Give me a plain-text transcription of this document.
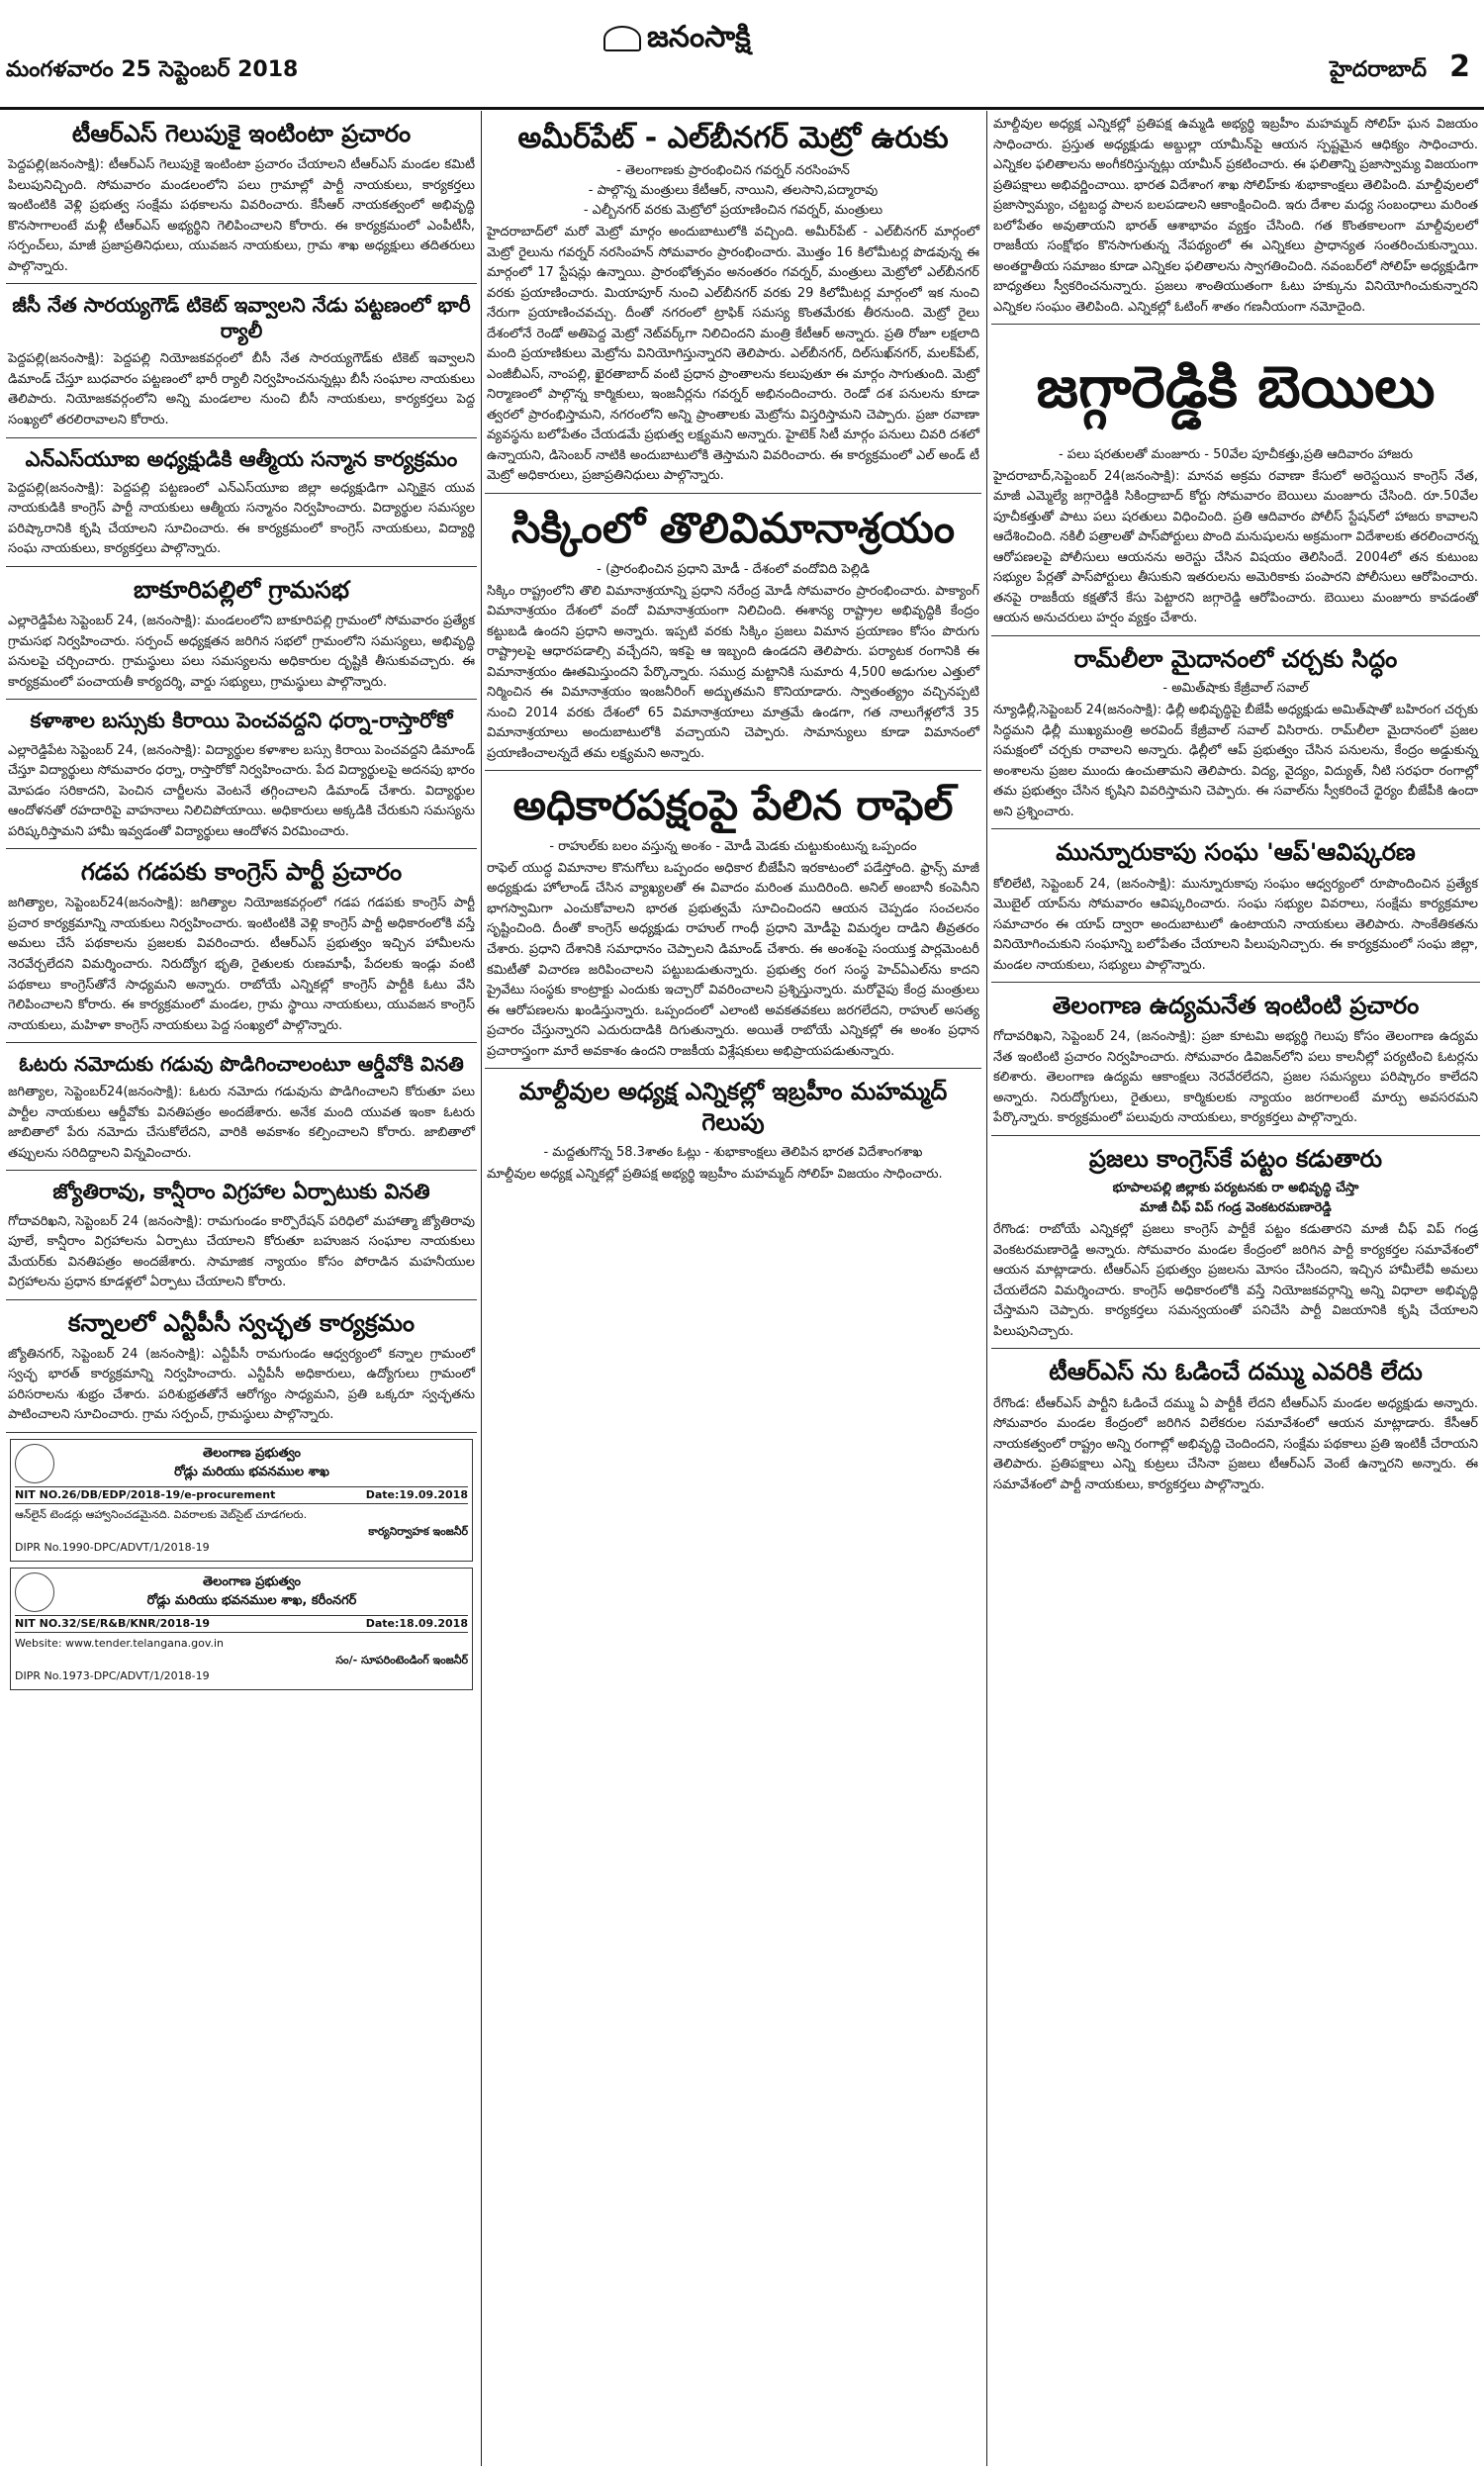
మంగళవారం 25 సెప్టెంబర్ 2018
జనంసాక్షి
హైదరాబాద్ 2
టీఆర్‌ఎస్ గెలుపుకై ఇంటింటా ప్రచారం

పెద్దపల్లి(జనంసాక్షి): టీఆర్‌ఎస్ గెలుపుకై ఇంటింటా ప్రచారం చేయాలని టీఆర్‌ఎస్ మండల కమిటీ పిలుపునిచ్చింది. సోమవారం మండలంలోని పలు గ్రామాల్లో పార్టీ నాయకులు, కార్యకర్తలు ఇంటింటికి వెళ్లి ప్రభుత్వ సంక్షేమ పథకాలను వివరించారు. కేసీఆర్ నాయకత్వంలో అభివృద్ధి కొనసాగాలంటే మళ్లీ టీఆర్‌ఎస్ అభ్యర్థిని గెలిపించాలని కోరారు. ఈ కార్యక్రమంలో ఎంపీటీసీ, సర్పంచ్‌లు, మాజీ ప్రజాప్రతినిధులు, యువజన నాయకులు, గ్రామ శాఖ అధ్యక్షులు తదితరులు పాల్గొన్నారు.

జీసీ నేత సారయ్యగౌడ్ టికెట్ ఇవ్వాలని నేడు పట్టణంలో భారీ ర్యాలీ

పెద్దపల్లి(జనంసాక్షి): పెద్దపల్లి నియోజకవర్గంలో బీసీ నేత సారయ్యగౌడ్‌కు టికెట్ ఇవ్వాలని డిమాండ్ చేస్తూ బుధవారం పట్టణంలో భారీ ర్యాలీ నిర్వహించనున్నట్లు బీసీ సంఘాల నాయకులు తెలిపారు. నియోజకవర్గంలోని అన్ని మండలాల నుంచి బీసీ నాయకులు, కార్యకర్తలు పెద్ద సంఖ్యలో తరలిరావాలని కోరారు.

ఎన్‌ఎస్‌యూఐ అధ్యక్షుడికి ఆత్మీయ సన్మాన కార్యక్రమం

పెద్దపల్లి(జనంసాక్షి): పెద్దపల్లి పట్టణంలో ఎన్‌ఎస్‌యూఐ జిల్లా అధ్యక్షుడిగా ఎన్నికైన యువ నాయకుడికి కాంగ్రెస్ పార్టీ నాయకులు ఆత్మీయ సన్మానం నిర్వహించారు. విద్యార్థుల సమస్యల పరిష్కారానికి కృషి చేయాలని సూచించారు. ఈ కార్యక్రమంలో కాంగ్రెస్ నాయకులు, విద్యార్థి సంఘ నాయకులు, కార్యకర్తలు పాల్గొన్నారు.

బాకూరిపల్లిలో గ్రామసభ

ఎల్లారెడ్డిపేట సెప్టెంబర్ 24, (జనంసాక్షి): మండలంలోని బాకూరిపల్లి గ్రామంలో సోమవారం ప్రత్యేక గ్రామసభ నిర్వహించారు. సర్పంచ్ అధ్యక్షతన జరిగిన సభలో గ్రామంలోని సమస్యలు, అభివృద్ధి పనులపై చర్చించారు. గ్రామస్థులు పలు సమస్యలను అధికారుల దృష్టికి తీసుకువచ్చారు. ఈ కార్యక్రమంలో పంచాయతీ కార్యదర్శి, వార్డు సభ్యులు, గ్రామస్థులు పాల్గొన్నారు.

కళాశాల బస్సుకు కిరాయి పెంచవద్దని ధర్నా-రాస్తారోకో

ఎల్లారెడ్డిపేట సెప్టెంబర్ 24, (జనంసాక్షి): విద్యార్థుల కళాశాల బస్సు కిరాయి పెంచవద్దని డిమాండ్ చేస్తూ విద్యార్థులు సోమవారం ధర్నా, రాస్తారోకో నిర్వహించారు. పేద విద్యార్థులపై అదనపు భారం మోపడం సరికాదని, పెంచిన చార్జీలను వెంటనే తగ్గించాలని డిమాండ్ చేశారు. విద్యార్థుల ఆందోళనతో రహదారిపై వాహనాలు నిలిచిపోయాయి. అధికారులు అక్కడికి చేరుకుని సమస్యను పరిష్కరిస్తామని హామీ ఇవ్వడంతో విద్యార్థులు ఆందోళన విరమించారు.

గడప గడపకు కాంగ్రెస్ పార్టీ ప్రచారం

జగిత్యాల, సెప్టెంబర్24(జనంసాక్షి): జగిత్యాల నియోజకవర్గంలో గడప గడపకు కాంగ్రెస్ పార్టీ ప్రచార కార్యక్రమాన్ని నాయకులు నిర్వహించారు. ఇంటింటికి వెళ్లి కాంగ్రెస్ పార్టీ అధికారంలోకి వస్తే అమలు చేసే పథకాలను ప్రజలకు వివరించారు. టీఆర్‌ఎస్ ప్రభుత్వం ఇచ్చిన హామీలను నెరవేర్చలేదని విమర్శించారు. నిరుద్యోగ భృతి, రైతులకు రుణమాఫీ, పేదలకు ఇండ్లు వంటి పథకాలు కాంగ్రెస్‌తోనే సాధ్యమని అన్నారు. రాబోయే ఎన్నికల్లో కాంగ్రెస్ పార్టీకి ఓటు వేసి గెలిపించాలని కోరారు. ఈ కార్యక్రమంలో మండల, గ్రామ స్థాయి నాయకులు, యువజన కాంగ్రెస్ నాయకులు, మహిళా కాంగ్రెస్ నాయకులు పెద్ద సంఖ్యలో పాల్గొన్నారు.

ఓటరు నమోదుకు గడువు పొడిగించాలంటూ ఆర్డీవోకి వినతి

జగిత్యాల, సెప్టెంబర్24(జనంసాక్షి): ఓటరు నమోదు గడువును పొడిగించాలని కోరుతూ పలు పార్టీల నాయకులు ఆర్డీవోకు వినతిపత్రం అందజేశారు. అనేక మంది యువత ఇంకా ఓటరు జాబితాలో పేరు నమోదు చేసుకోలేదని, వారికి అవకాశం కల్పించాలని కోరారు. జాబితాలో తప్పులను సరిదిద్దాలని విన్నవించారు.

జ్యోతిరావు, కాన్షీరాం విగ్రహాల ఏర్పాటుకు వినతి

గోదావరిఖని, సెప్టెంబర్ 24 (జనంసాక్షి): రామగుండం కార్పొరేషన్ పరిధిలో మహాత్మా జ్యోతిరావు పూలే, కాన్షీరాం విగ్రహాలను ఏర్పాటు చేయాలని కోరుతూ బహుజన సంఘాల నాయకులు మేయర్‌కు వినతిపత్రం అందజేశారు. సామాజిక న్యాయం కోసం పోరాడిన మహనీయుల విగ్రహాలను ప్రధాన కూడళ్లలో ఏర్పాటు చేయాలని కోరారు.

కన్నాలలో ఎన్టీపీసీ స్వచ్ఛత కార్యక్రమం

జ్యోతినగర్, సెప్టెంబర్ 24 (జనంసాక్షి): ఎన్టీపీసీ రామగుండం ఆధ్వర్యంలో కన్నాల గ్రామంలో స్వచ్ఛ భారత్ కార్యక్రమాన్ని నిర్వహించారు. ఎన్టీపీసీ అధికారులు, ఉద్యోగులు గ్రామంలో పరిసరాలను శుభ్రం చేశారు. పరిశుభ్రతతోనే ఆరోగ్యం సాధ్యమని, ప్రతి ఒక్కరూ స్వచ్ఛతను పాటించాలని సూచించారు. గ్రామ సర్పంచ్, గ్రామస్థులు పాల్గొన్నారు.

తెలంగాణ ప్రభుత్వం
రోడ్లు మరియు భవనముల శాఖ
NIT NO.26/DB/EDP/2018-19/e-procurement	Date:19.09.2018
ఆన్‌లైన్ టెండర్లు ఆహ్వానించడమైనది. వివరాలకు వెబ్‌సైట్ చూడగలరు.
కార్యనిర్వాహక ఇంజనీర్
DIPR No.1990-DPC/ADVT/1/2018-19

తెలంగాణ ప్రభుత్వం
రోడ్లు మరియు భవనముల శాఖ, కరీంనగర్
NIT NO.32/SE/R&B/KNR/2018-19	Date:18.09.2018
Website: www.tender.telangana.gov.in
సం/- సూపరింటెండింగ్ ఇంజనీర్
DIPR No.1973-DPC/ADVT/1/2018-19
అమీర్‌పేట్ - ఎల్‌బీనగర్ మెట్రో ఉరుకు
- తెలంగాణకు ప్రారంభించిన గవర్నర్ నరసింహన్
- పాల్గొన్న మంత్రులు కేటీఆర్, నాయిని, తలసాని,పద్మారావు
- ఎల్బీనగర్ వరకు మెట్రోలో ప్రయాణించిన గవర్నర్, మంత్రులు

హైదరాబాద్‌లో మరో మెట్రో మార్గం అందుబాటులోకి వచ్చింది. అమీర్‌పేట్ - ఎల్‌బీనగర్ మార్గంలో మెట్రో రైలును గవర్నర్ నరసింహన్ సోమవారం ప్రారంభించారు. మొత్తం 16 కిలోమీటర్ల పొడవున్న ఈ మార్గంలో 17 స్టేషన్లు ఉన్నాయి. ప్రారంభోత్సవం అనంతరం గవర్నర్, మంత్రులు మెట్రోలో ఎల్‌బీనగర్ వరకు ప్రయాణించారు. మియాపూర్ నుంచి ఎల్‌బీనగర్ వరకు 29 కిలోమీటర్ల మార్గంలో ఇక నుంచి నేరుగా ప్రయాణించవచ్చు. దీంతో నగరంలో ట్రాఫిక్ సమస్య కొంతమేరకు తీరనుంది. మెట్రో రైలు దేశంలోనే రెండో అతిపెద్ద మెట్రో నెట్‌వర్క్‌గా నిలిచిందని మంత్రి కేటీఆర్ అన్నారు. ప్రతి రోజూ లక్షలాది మంది ప్రయాణికులు మెట్రోను వినియోగిస్తున్నారని తెలిపారు. ఎల్‌బీనగర్, దిల్‌సుఖ్‌నగర్, మలక్‌పేట్, ఎంజీబీఎస్, నాంపల్లి, ఖైరతాబాద్ వంటి ప్రధాన ప్రాంతాలను కలుపుతూ ఈ మార్గం సాగుతుంది. మెట్రో నిర్మాణంలో పాల్గొన్న కార్మికులు, ఇంజనీర్లను గవర్నర్ అభినందించారు. రెండో దశ పనులను కూడా త్వరలో ప్రారంభిస్తామని, నగరంలోని అన్ని ప్రాంతాలకు మెట్రోను విస్తరిస్తామని చెప్పారు. ప్రజా రవాణా వ్యవస్థను బలోపేతం చేయడమే ప్రభుత్వ లక్ష్యమని అన్నారు. హైటెక్ సిటీ మార్గం పనులు చివరి దశలో ఉన్నాయని, డిసెంబర్ నాటికి అందుబాటులోకి తెస్తామని వివరించారు. ఈ కార్యక్రమంలో ఎల్ అండ్ టీ మెట్రో అధికారులు, ప్రజాప్రతినిధులు పాల్గొన్నారు.

సిక్కింలో తొలివిమానాశ్రయం
- (ప్రారంభించిన ప్రధాని మోడీ - దేశంలో వందోవిది పెల్లిడి

సిక్కిం రాష్ట్రంలోని తొలి విమానాశ్రయాన్ని ప్రధాని నరేంద్ర మోడీ సోమవారం ప్రారంభించారు. పాక్యాంగ్ విమానాశ్రయం దేశంలో వందో విమానాశ్రయంగా నిలిచింది. ఈశాన్య రాష్ట్రాల అభివృద్ధికి కేంద్రం కట్టుబడి ఉందని ప్రధాని అన్నారు. ఇప్పటి వరకు సిక్కిం ప్రజలు విమాన ప్రయాణం కోసం పొరుగు రాష్ట్రాలపై ఆధారపడాల్సి వచ్చేదని, ఇకపై ఆ ఇబ్బంది ఉండదని తెలిపారు. పర్యాటక రంగానికి ఈ విమానాశ్రయం ఊతమిస్తుందని పేర్కొన్నారు. సముద్ర మట్టానికి సుమారు 4,500 అడుగుల ఎత్తులో నిర్మించిన ఈ విమానాశ్రయం ఇంజనీరింగ్ అద్భుతమని కొనియాడారు. స్వాతంత్య్రం వచ్చినప్పటి నుంచి 2014 వరకు దేశంలో 65 విమానాశ్రయాలు మాత్రమే ఉండగా, గత నాలుగేళ్లలోనే 35 విమానాశ్రయాలు అందుబాటులోకి వచ్చాయని చెప్పారు. సామాన్యులు కూడా విమానంలో ప్రయాణించాలన్నదే తమ లక్ష్యమని అన్నారు.

అధికారపక్షంపై పేలిన రాఫెల్
- రాహుల్‌కు బలం వస్తున్న అంశం - మోడీ మెడకు చుట్టుకుంటున్న ఒప్పందం

రాఫెల్ యుద్ధ విమానాల కొనుగోలు ఒప్పందం అధికార బీజేపీని ఇరకాటంలో పడేస్తోంది. ఫ్రాన్స్ మాజీ అధ్యక్షుడు హోలాండ్ చేసిన వ్యాఖ్యలతో ఈ వివాదం మరింత ముదిరింది. అనిల్ అంబానీ కంపెనీని భాగస్వామిగా ఎంచుకోవాలని భారత ప్రభుత్వమే సూచించిందని ఆయన చెప్పడం సంచలనం సృష్టించింది. దీంతో కాంగ్రెస్ అధ్యక్షుడు రాహుల్ గాంధీ ప్రధాని మోడీపై విమర్శల దాడిని తీవ్రతరం చేశారు. ప్రధాని దేశానికి సమాధానం చెప్పాలని డిమాండ్ చేశారు. ఈ అంశంపై సంయుక్త పార్లమెంటరీ కమిటీతో విచారణ జరిపించాలని పట్టుబడుతున్నారు. ప్రభుత్వ రంగ సంస్థ హెచ్‌ఏఎల్‌ను కాదని ప్రైవేటు సంస్థకు కాంట్రాక్టు ఎందుకు ఇచ్చారో వివరించాలని ప్రశ్నిస్తున్నారు. మరోవైపు కేంద్ర మంత్రులు ఈ ఆరోపణలను ఖండిస్తున్నారు. ఒప్పందంలో ఎలాంటి అవకతవకలు జరగలేదని, రాహుల్ అసత్య ప్రచారం చేస్తున్నారని ఎదురుదాడికి దిగుతున్నారు. అయితే రాబోయే ఎన్నికల్లో ఈ అంశం ప్రధాన ప్రచారాస్త్రంగా మారే అవకాశం ఉందని రాజకీయ విశ్లేషకులు అభిప్రాయపడుతున్నారు.

మాల్దీవుల అధ్యక్ష ఎన్నికల్లో ఇబ్రహీం మహమ్మద్ గెలుపు
- మద్దతుగొన్న 58.3శాతం ఓట్లు - శుభాకాంక్షలు తెలిపిన భారత విదేశాంగశాఖ

మాల్దీవుల అధ్యక్ష ఎన్నికల్లో ప్రతిపక్ష అభ్యర్థి ఇబ్రహీం మహమ్మద్ సోలిహ్ విజయం సాధించారు.

మాల్దీవుల అధ్యక్ష ఎన్నికల్లో ప్రతిపక్ష ఉమ్మడి అభ్యర్థి ఇబ్రహీం మహమ్మద్ సోలిహ్ ఘన విజయం సాధించారు. ప్రస్తుత అధ్యక్షుడు అబ్దుల్లా యామీన్‌పై ఆయన స్పష్టమైన ఆధిక్యం సాధించారు. ఎన్నికల ఫలితాలను అంగీకరిస్తున్నట్లు యామీన్ ప్రకటించారు. ఈ ఫలితాన్ని ప్రజాస్వామ్య విజయంగా ప్రతిపక్షాలు అభివర్ణించాయి. భారత విదేశాంగ శాఖ సోలిహ్‌కు శుభాకాంక్షలు తెలిపింది. మాల్దీవులలో ప్రజాస్వామ్యం, చట్టబద్ధ పాలన బలపడాలని ఆకాంక్షించింది. ఇరు దేశాల మధ్య సంబంధాలు మరింత బలోపేతం అవుతాయని భారత్ ఆశాభావం వ్యక్తం చేసింది. గత కొంతకాలంగా మాల్దీవులలో రాజకీయ సంక్షోభం కొనసాగుతున్న నేపథ్యంలో ఈ ఎన్నికలు ప్రాధాన్యత సంతరించుకున్నాయి. అంతర్జాతీయ సమాజం కూడా ఎన్నికల ఫలితాలను స్వాగతించింది. నవంబర్‌లో సోలిహ్ అధ్యక్షుడిగా బాధ్యతలు స్వీకరించనున్నారు. ప్రజలు శాంతియుతంగా ఓటు హక్కును వినియోగించుకున్నారని ఎన్నికల సంఘం తెలిపింది. ఎన్నికల్లో ఓటింగ్ శాతం గణనీయంగా నమోదైంది.

జగ్గారెడ్డికి బెయిలు
- పలు షరతులతో మంజూరు - 50వేల పూచీకత్తు,ప్రతి ఆదివారం హాజరు

హైదరాబాద్,సెప్టెంబర్ 24(జనంసాక్షి): మానవ అక్రమ రవాణా కేసులో అరెస్టయిన కాంగ్రెస్ నేత, మాజీ ఎమ్మెల్యే జగ్గారెడ్డికి సికింద్రాబాద్ కోర్టు సోమవారం బెయిలు మంజూరు చేసింది. రూ.50వేల పూచీకత్తుతో పాటు పలు షరతులు విధించింది. ప్రతి ఆదివారం పోలీస్ స్టేషన్‌లో హాజరు కావాలని ఆదేశించింది. నకిలీ పత్రాలతో పాస్‌పోర్టులు పొంది మనుషులను అక్రమంగా విదేశాలకు తరలించారన్న ఆరోపణలపై పోలీసులు ఆయనను అరెస్టు చేసిన విషయం తెలిసిందే. 2004లో తన కుటుంబ సభ్యుల పేర్లతో పాస్‌పోర్టులు తీసుకుని ఇతరులను అమెరికాకు పంపారని పోలీసులు ఆరోపించారు. తనపై రాజకీయ కక్షతోనే కేసు పెట్టారని జగ్గారెడ్డి ఆరోపించారు. బెయిలు మంజూరు కావడంతో ఆయన అనుచరులు హర్షం వ్యక్తం చేశారు.

రామ్‌లీలా మైదానంలో చర్చకు సిద్ధం
- అమిత్‌షాకు కేజ్రీవాల్ సవాల్

న్యూఢిల్లీ,సెప్టెంబర్ 24(జనంసాక్షి): ఢిల్లీ అభివృద్ధిపై బీజేపీ అధ్యక్షుడు అమిత్‌షాతో బహిరంగ చర్చకు సిద్ధమని ఢిల్లీ ముఖ్యమంత్రి అరవింద్ కేజ్రీవాల్ సవాల్ విసిరారు. రామ్‌లీలా మైదానంలో ప్రజల సమక్షంలో చర్చకు రావాలని అన్నారు. ఢిల్లీలో ఆప్ ప్రభుత్వం చేసిన పనులను, కేంద్రం అడ్డుకున్న అంశాలను ప్రజల ముందు ఉంచుతామని తెలిపారు. విద్య, వైద్యం, విద్యుత్, నీటి సరఫరా రంగాల్లో తమ ప్రభుత్వం చేసిన కృషిని వివరిస్తామని చెప్పారు. ఈ సవాల్‌ను స్వీకరించే ధైర్యం బీజేపీకి ఉందా అని ప్రశ్నించారు.

మున్నూరుకాపు సంఘ 'ఆప్'ఆవిష్కరణ

కోలిలేటి, సెప్టెంబర్ 24, (జనంసాక్షి): మున్నూరుకాపు సంఘం ఆధ్వర్యంలో రూపొందించిన ప్రత్యేక మొబైల్ యాప్‌ను సోమవారం ఆవిష్కరించారు. సంఘ సభ్యుల వివరాలు, సంక్షేమ కార్యక్రమాల సమాచారం ఈ యాప్ ద్వారా అందుబాటులో ఉంటాయని నాయకులు తెలిపారు. సాంకేతికతను వినియోగించుకుని సంఘాన్ని బలోపేతం చేయాలని పిలుపునిచ్చారు. ఈ కార్యక్రమంలో సంఘ జిల్లా, మండల నాయకులు, సభ్యులు పాల్గొన్నారు.

తెలంగాణ ఉద్యమనేత ఇంటింటి ప్రచారం

గోదావరిఖని, సెప్టెంబర్ 24, (జనంసాక్షి): ప్రజా కూటమి అభ్యర్థి గెలుపు కోసం తెలంగాణ ఉద్యమ నేత ఇంటింటి ప్రచారం నిర్వహించారు. సోమవారం డివిజన్‌లోని పలు కాలనీల్లో పర్యటించి ఓటర్లను కలిశారు. తెలంగాణ ఉద్యమ ఆకాంక్షలు నెరవేరలేదని, ప్రజల సమస్యలు పరిష్కారం కాలేదని అన్నారు. నిరుద్యోగులు, రైతులు, కార్మికులకు న్యాయం జరగాలంటే మార్పు అవసరమని పేర్కొన్నారు. కార్యక్రమంలో పలువురు నాయకులు, కార్యకర్తలు పాల్గొన్నారు.

ప్రజలు కాంగ్రెస్‌కే పట్టం కడుతారు
భూపాలపల్లి జిల్లాకు పర్యటనకు రా అభివృద్ధి చేస్తా
మాజీ చీఫ్ విప్ గండ్ర వెంకటరమణారెడ్డి

రేగొండ: రాబోయే ఎన్నికల్లో ప్రజలు కాంగ్రెస్ పార్టీకే పట్టం కడుతారని మాజీ చీఫ్ విప్ గండ్ర వెంకటరమణారెడ్డి అన్నారు. సోమవారం మండల కేంద్రంలో జరిగిన పార్టీ కార్యకర్తల సమావేశంలో ఆయన మాట్లాడారు. టీఆర్‌ఎస్ ప్రభుత్వం ప్రజలను మోసం చేసిందని, ఇచ్చిన హామీలేవీ అమలు చేయలేదని విమర్శించారు. కాంగ్రెస్ అధికారంలోకి వస్తే నియోజకవర్గాన్ని అన్ని విధాలా అభివృద్ధి చేస్తామని చెప్పారు. కార్యకర్తలు సమన్వయంతో పనిచేసి పార్టీ విజయానికి కృషి చేయాలని పిలుపునిచ్చారు.

టీఆర్‌ఎస్ ను ఓడించే దమ్ము ఎవరికి లేదు

రేగొండ: టీఆర్‌ఎస్ పార్టీని ఓడించే దమ్ము ఏ పార్టీకీ లేదని టీఆర్‌ఎస్ మండల అధ్యక్షుడు అన్నారు. సోమవారం మండల కేంద్రంలో జరిగిన విలేకరుల సమావేశంలో ఆయన మాట్లాడారు. కేసీఆర్ నాయకత్వంలో రాష్ట్రం అన్ని రంగాల్లో అభివృద్ధి చెందిందని, సంక్షేమ పథకాలు ప్రతి ఇంటికీ చేరాయని తెలిపారు. ప్రతిపక్షాలు ఎన్ని కుట్రలు చేసినా ప్రజలు టీఆర్‌ఎస్ వెంటే ఉన్నారని అన్నారు. ఈ సమావేశంలో పార్టీ నాయకులు, కార్యకర్తలు పాల్గొన్నారు.
